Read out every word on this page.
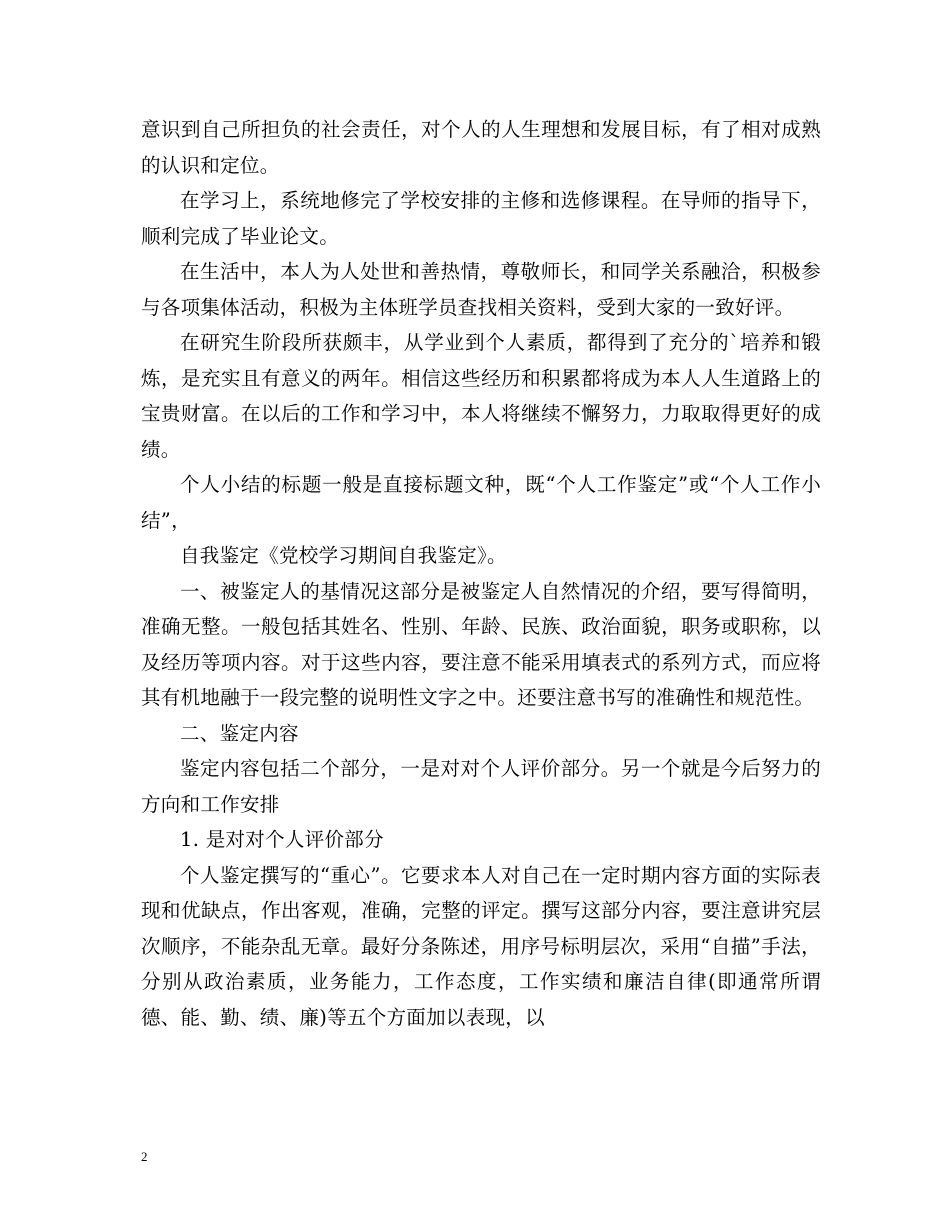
意识到自己所担负的社会责任，对个人的人生理想和发展目标，有了相对成熟的认识和定位。

在学习上，系统地修完了学校安排的主修和选修课程。在导师的指导下，顺利完成了毕业论文。

在生活中，本人为人处世和善热情，尊敬师长，和同学关系融洽，积极参与各项集体活动，积极为主体班学员查找相关资料，受到大家的一致好评。

在研究生阶段所获颇丰，从学业到个人素质，都得到了充分的`培养和锻炼，是充实且有意义的两年。相信这些经历和积累都将成为本人人生道路上的宝贵财富。在以后的工作和学习中，本人将继续不懈努力，力取取得更好的成绩。

个人小结的标题一般是直接标题文种，既“个人工作鉴定”或“个人工作小结”，

自我鉴定《党校学习期间自我鉴定》。

一、被鉴定人的基情况这部分是被鉴定人自然情况的介绍，要写得简明，准确无整。一般包括其姓名、性别、年龄、民族、政治面貌，职务或职称，以及经历等项内容。对于这些内容，要注意不能采用填表式的系列方式，而应将其有机地融于一段完整的说明性文字之中。还要注意书写的准确性和规范性。

二、鉴定内容

鉴定内容包括二个部分，一是对对个人评价部分。另一个就是今后努力的方向和工作安排

1. 是对对个人评价部分

个人鉴定撰写的“重心”。它要求本人对自己在一定时期内容方面的实际表现和优缺点，作出客观，准确，完整的评定。撰写这部分内容，要注意讲究层次顺序，不能杂乱无章。最好分条陈述，用序号标明层次，采用“自描”手法，分别从政治素质，业务能力，工作态度，工作实绩和廉洁自律(即通常所谓德、能、勤、绩、廉)等五个方面加以表现，以

2
